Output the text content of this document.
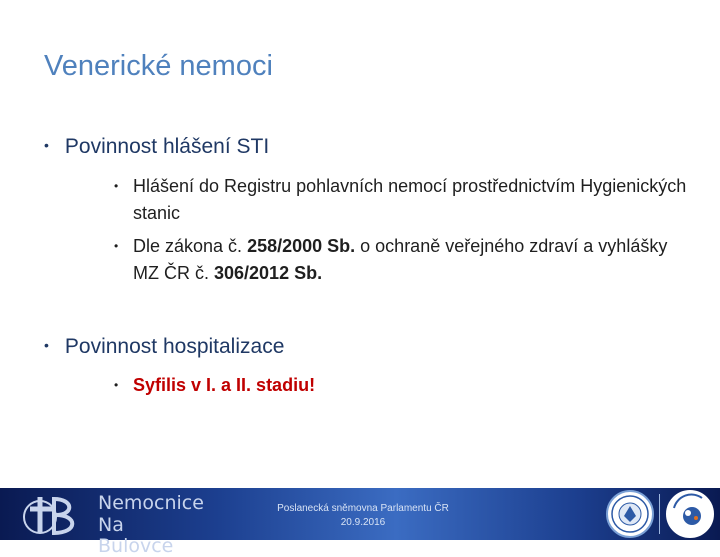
Venerické nemoci
• Povinnost hlášení STI
• Hlášení do Registru pohlavních nemocí prostřednictvím Hygienických stanic
• Dle zákona č. 258/2000 Sb. o ochraně veřejného zdraví a vyhlášky MZ ČR č. 306/2012 Sb.
• Povinnost hospitalizace
• Syfilis v I. a II. stadiu!
Nemocnice
Na Bulovce
Poslanecká sněmovna Parlamentu ČR
20.9.2016
